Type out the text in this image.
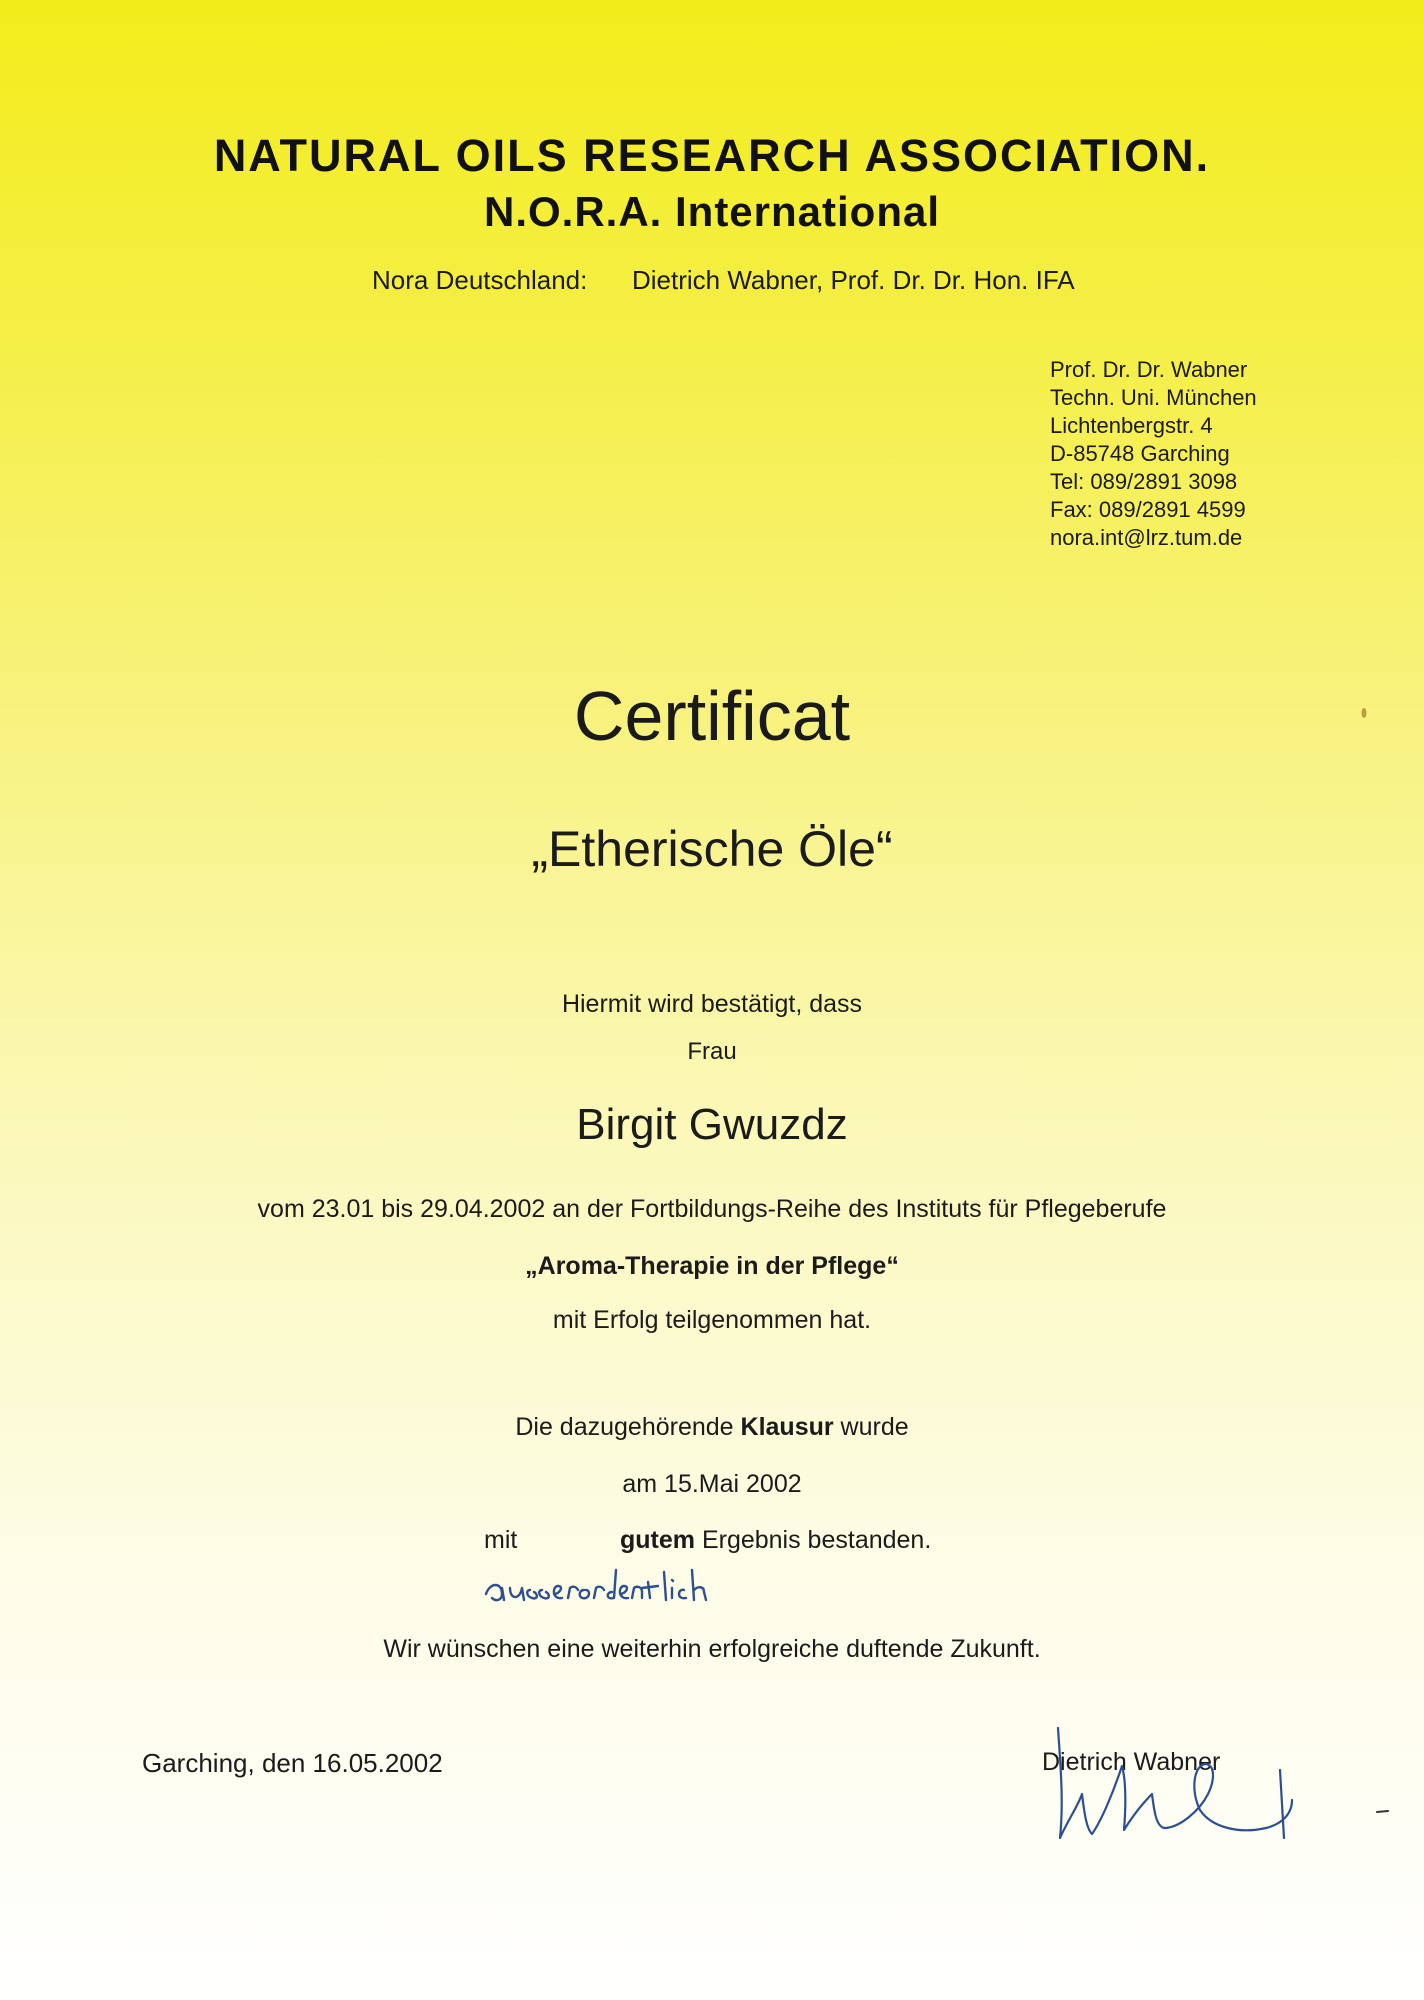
NATURAL OILS RESEARCH ASSOCIATION.
N.O.R.A. International
Nora Deutschland: Dietrich Wabner, Prof. Dr. Dr. Hon. IFA
Prof. Dr. Dr. Wabner
Techn. Uni. München
Lichtenbergstr. 4
D-85748 Garching
Tel: 089/2891 3098
Fax: 089/2891 4599
nora.int@lrz.tum.de
Certificat
„Etherische Öle“
Hiermit wird bestätigt, dass
Frau
Birgit Gwuzdz
vom 23.01 bis 29.04.2002 an der Fortbildungs-Reihe des Instituts für Pflegeberufe
„Aroma-Therapie in der Pflege“
mit Erfolg teilgenommen hat.
Die dazugehörende Klausur wurde
am 15.Mai 2002
mit	gutem Ergebnis bestanden.
Wir wünschen eine weiterhin erfolgreiche duftende Zukunft.
Garching, den 16.05.2002	Dietrich Wabner
